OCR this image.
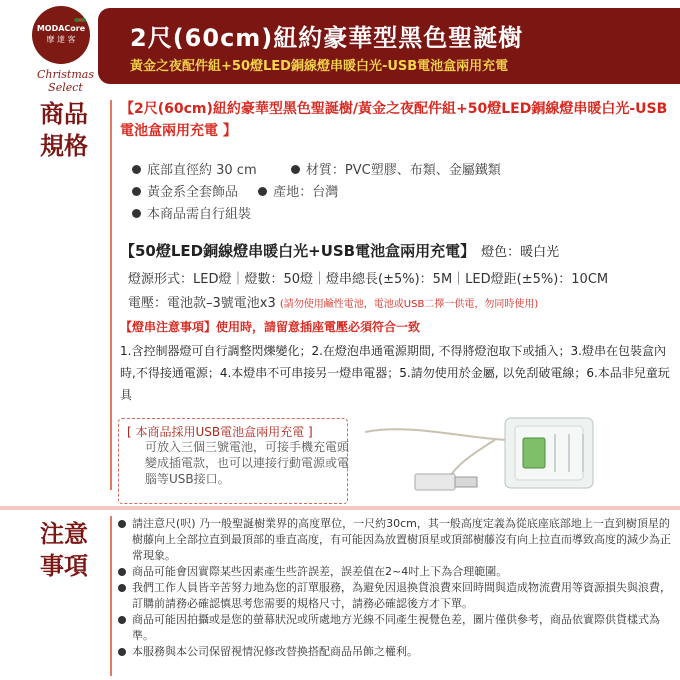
MODACore
摩 達 客
Christmas Select
2尺(60cm)紐約豪華型黑色聖誕樹
黃金之夜配件組+50燈LED銅線燈串暖白光-USB電池盒兩用充電
商品規格
【2尺(60cm)紐約豪華型黑色聖誕樹/黃金之夜配件組+50燈LED銅線燈串暖白光-USB電池盒兩用充電 】
底部直徑約 30 cm	材質：PVC塑膠、布類、金屬鐵類
黃金系全套飾品	產地：台灣
本商品需自行組裝
【50燈LED銅線燈串暖白光+USB電池盒兩用充電】 燈色：暖白光
燈源形式：LED燈｜燈數：50燈｜燈串總長(±5%)：5M｜LED燈距(±5%)：10CM
電壓：電池款–3號電池x3 (請勿使用鹼性電池，電池或USB二擇一供電，勿同時使用)
【燈串注意事項】使用時，請留意插座電壓必須符合一致
1.含控制器燈可自行調整閃爍變化；2.在燈泡串通電源期間, 不得將燈泡取下或插入；3.燈串在包裝盒內時,不得接通電源；4.本燈串不可串接另一燈串電器；5.請勿使用於金屬, 以免刮破電線；6.本品非兒童玩具
[ 本商品採用USB電池盒兩用充電 ]
可放入三個三號電池，可接手機充電頭變成插電款，也可以連接行動電源或電腦等USB接口。
注意事項
請注意尺(呎) 乃一般聖誕樹業界的高度單位，一尺約30cm，其一般高度定義為從底座底部地上一直到樹頂星的樹藤向上全部拉直到最頂部的垂直高度，有可能因為放置樹頂星或頂部樹藤沒有向上拉直而導致高度的減少為正常現象。
商品可能會因實際某些因素產生些許誤差，誤差值在2~4吋上下為合理範圍。
我們工作人員皆辛苦努力地為您的訂單服務，為避免因退換貨浪費來回時間與造成物流費用等資源損失與浪費，訂購前請務必確認慎思考您需要的規格尺寸，請務必確認後方才下單。
商品可能因拍攝或是您的螢幕狀況或所處地方光線不同產生視覺色差，圖片僅供參考，商品依實際供貨樣式為準。
本服務與本公司保留視情況修改替換搭配商品吊飾之權利。
